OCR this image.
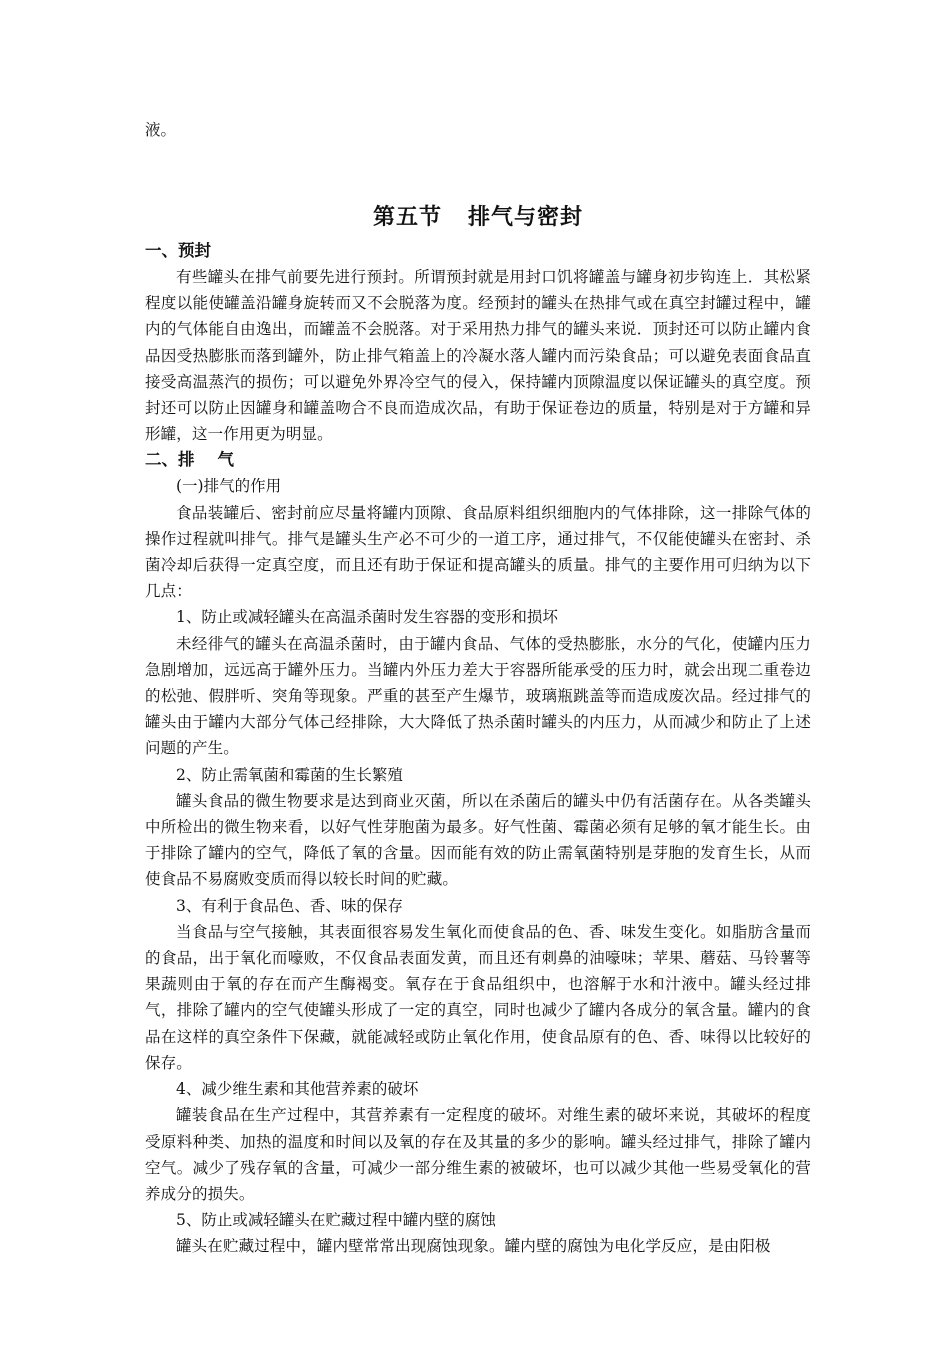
液。
第五节   排气与密封
一、预封

有些罐头在排气前要先进行预封。所谓预封就是用封口饥将罐盖与罐身初步钩连上．其松紧程度以能使罐盖沿罐身旋转而又不会脱落为度。经预封的罐头在热排气或在真空封罐过程中，罐内的气体能自由逸出，而罐盖不会脱落。对于采用热力排气的罐头来说．顶封还可以防止罐内食品因受热膨胀而落到罐外，防止排气箱盖上的冷凝水落人罐内而污染食品；可以避免表面食品直接受高温蒸汽的损伤；可以避免外界冷空气的侵入，保持罐内顶隙温度以保证罐头的真空度。预封还可以防止因罐身和罐盖吻合不良而造成次品，有助于保证卷边的质量，特别是对于方罐和异形罐，这一作用更为明显。

二、排    气
(一)排气的作用

食品装罐后、密封前应尽量将罐内顶隙、食品原料组织细胞内的气体排除，这一排除气体的操作过程就叫排气。排气是罐头生产必不可少的一道工序，通过排气，不仅能使罐头在密封、杀菌冷却后获得一定真空度，而且还有助于保证和提高罐头的质量。排气的主要作用可归纳为以下几点：

1、防止或减轻罐头在高温杀菌时发生容器的变形和损坏

未经徘气的罐头在高温杀菌时，由于罐内食品、气体的受热膨胀，水分的气化，使罐内压力急剧增加，远远高于罐外压力。当罐内外压力差大于容器所能承受的压力时，就会出现二重卷边的松弛、假胖听、突角等现象。严重的甚至产生爆节，玻璃瓶跳盖等而造成废次品。经过排气的罐头由于罐内大部分气体己经排除，大大降低了热杀菌时罐头的内压力，从而减少和防止了上述问题的产生。

2、防止需氧菌和霉菌的生长繁殖

罐头食品的微生物要求是达到商业灭菌，所以在杀菌后的罐头中仍有活菌存在。从各类罐头中所检出的微生物来看，以好气性芽胞菌为最多。好气性菌、霉菌必须有足够的氧才能生长。由于排除了罐内的空气，降低了氧的含量。因而能有效的防止需氧菌特别是芽胞的发育生长，从而使食品不易腐败变质而得以较长时间的贮藏。

3、有利于食品色、香、味的保存

当食品与空气接触，其表面很容易发生氧化而使食品的色、香、味发生变化。如脂肪含量而的食品，出于氧化而嚎败，不仅食品表面发黄，而且还有刺鼻的油嚎味；苹果、蘑菇、马铃薯等果蔬则由于氧的存在而产生酶褐变。氧存在于食品组织中，也溶解于水和汁液中。罐头经过排气，排除了罐内的空气使罐头形成了一定的真空，同时也减少了罐内各成分的氧含量。罐内的食品在这样的真空条件下保藏，就能减轻或防止氧化作用，使食品原有的色、香、味得以比较好的保存。

4、减少维生素和其他营养素的破坏

罐装食品在生产过程中，其营养素有一定程度的破坏。对维生素的破坏来说，其破坏的程度受原料种类、加热的温度和时间以及氧的存在及其量的多少的影响。罐头经过排气，排除了罐内空气。减少了残存氧的含量，可减少一部分维生素的被破坏，也可以减少其他一些易受氧化的营养成分的损失。

5、防止或减轻罐头在贮藏过程中罐内壁的腐蚀

罐头在贮藏过程中，罐内壁常常出现腐蚀现象。罐内壁的腐蚀为电化学反应，是由阳极
